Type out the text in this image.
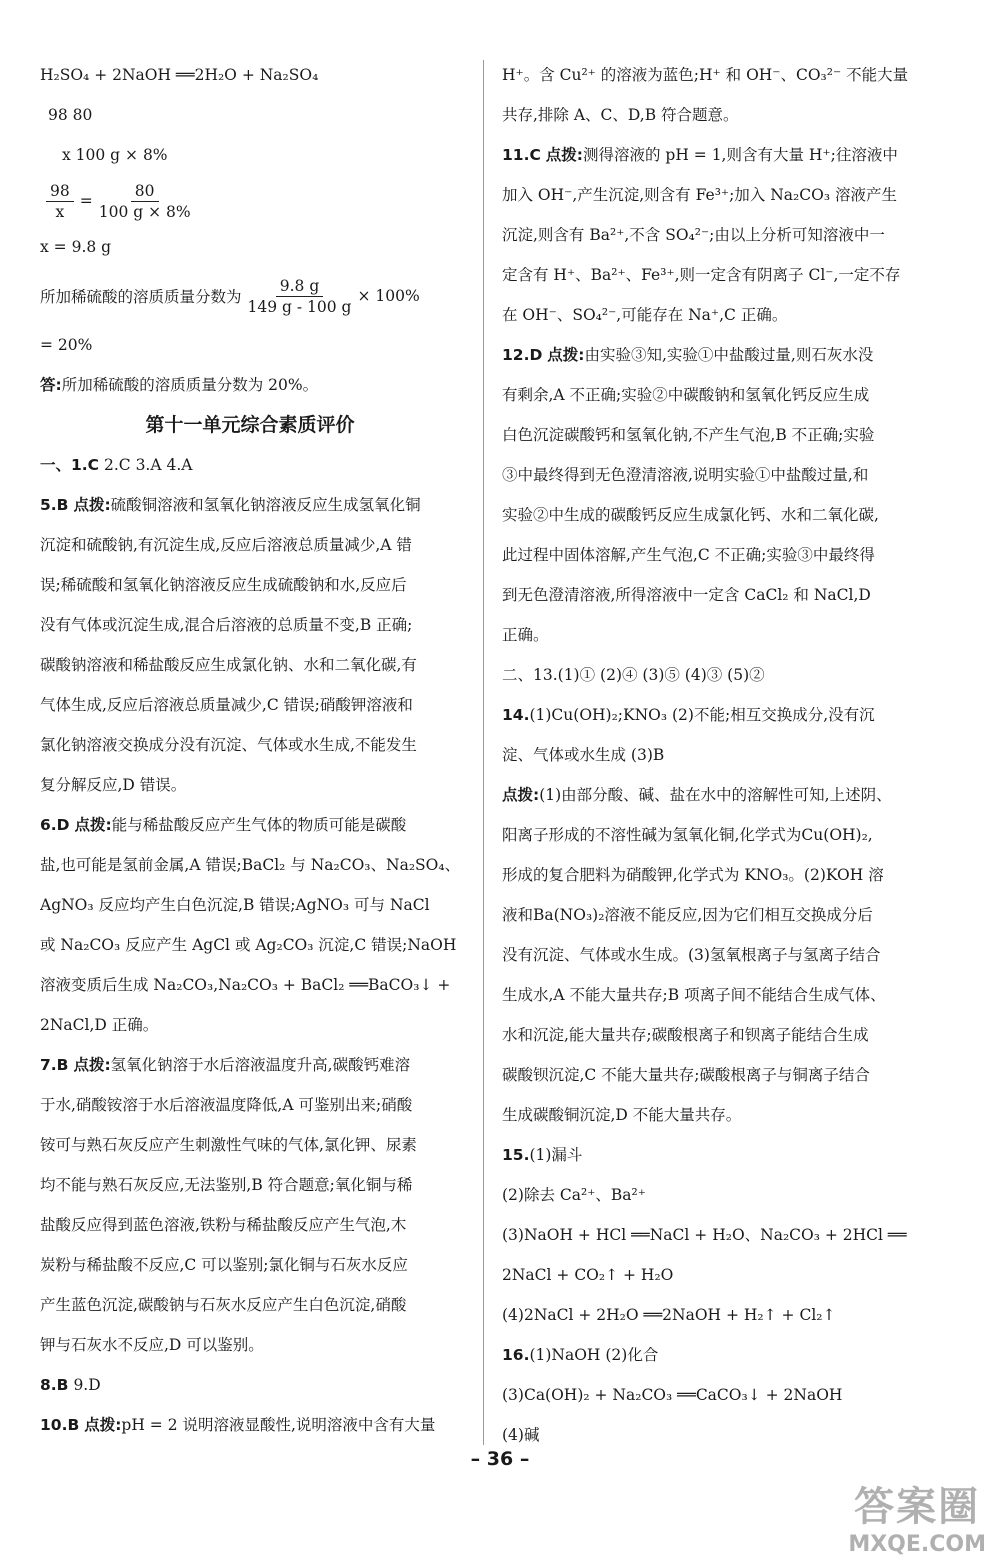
H₂SO₄ + 2NaOH ══2H₂O + Na₂SO₄
98 80
x 100 g × 8%
$\frac{98}{x} = \frac{80}{100 g \times 8\%}$
x = 9.8 g
所加稀硫酸的溶质质量分数为 $\frac{9.8 g}{149 g - 100 g} \times 100\%$
= 20%
答:所加稀硫酸的溶质质量分数为 20%。
第十一单元综合素质评价
一、1.C 2.C 3.A 4.A
5.B 点拨:硫酸铜溶液和氢氧化钠溶液反应生成氢氧化铜
沉淀和硫酸钠,有沉淀生成,反应后溶液总质量减少,A 错
误;稀硫酸和氢氧化钠溶液反应生成硫酸钠和水,反应后
没有气体或沉淀生成,混合后溶液的总质量不变,B 正确;
碳酸钠溶液和稀盐酸反应生成氯化钠、水和二氧化碳,有
气体生成,反应后溶液总质量减少,C 错误;硝酸钾溶液和
氯化钠溶液交换成分没有沉淀、气体或水生成,不能发生
复分解反应,D 错误。
6.D 点拨:能与稀盐酸反应产生气体的物质可能是碳酸
盐,也可能是氢前金属,A 错误;BaCl₂ 与 Na₂CO₃、Na₂SO₄、
AgNO₃ 反应均产生白色沉淀,B 错误;AgNO₃ 可与 NaCl
或 Na₂CO₃ 反应产生 AgCl 或 Ag₂CO₃ 沉淀,C 错误;NaOH
溶液变质后生成 Na₂CO₃,Na₂CO₃ + BaCl₂ ══BaCO₃↓ +
2NaCl,D 正确。
7.B 点拨:氢氧化钠溶于水后溶液温度升高,碳酸钙难溶
于水,硝酸铵溶于水后溶液温度降低,A 可鉴别出来;硝酸
铵可与熟石灰反应产生刺激性气味的气体,氯化钾、尿素
均不能与熟石灰反应,无法鉴别,B 符合题意;氧化铜与稀
盐酸反应得到蓝色溶液,铁粉与稀盐酸反应产生气泡,木
炭粉与稀盐酸不反应,C 可以鉴别;氯化铜与石灰水反应
产生蓝色沉淀,碳酸钠与石灰水反应产生白色沉淀,硝酸
钾与石灰水不反应,D 可以鉴别。
8.B 9.D
10.B 点拨:pH = 2 说明溶液显酸性,说明溶液中含有大量
H⁺。含 Cu²⁺ 的溶液为蓝色;H⁺ 和 OH⁻、CO₃²⁻ 不能大量
共存,排除 A、C、D,B 符合题意。
11.C 点拨:测得溶液的 pH = 1,则含有大量 H⁺;往溶液中
加入 OH⁻,产生沉淀,则含有 Fe³⁺;加入 Na₂CO₃ 溶液产生
沉淀,则含有 Ba²⁺,不含 SO₄²⁻;由以上分析可知溶液中一
定含有 H⁺、Ba²⁺、Fe³⁺,则一定含有阴离子 Cl⁻,一定不存
在 OH⁻、SO₄²⁻,可能存在 Na⁺,C 正确。
12.D 点拨:由实验③知,实验①中盐酸过量,则石灰水没
有剩余,A 不正确;实验②中碳酸钠和氢氧化钙反应生成
白色沉淀碳酸钙和氢氧化钠,不产生气泡,B 不正确;实验
③中最终得到无色澄清溶液,说明实验①中盐酸过量,和
实验②中生成的碳酸钙反应生成氯化钙、水和二氧化碳,
此过程中固体溶解,产生气泡,C 不正确;实验③中最终得
到无色澄清溶液,所得溶液中一定含 CaCl₂ 和 NaCl,D
正确。
二、13.(1)① (2)④ (3)⑤ (4)③ (5)②
14.(1)Cu(OH)₂;KNO₃ (2)不能;相互交换成分,没有沉
淀、气体或水生成 (3)B
点拨:(1)由部分酸、碱、盐在水中的溶解性可知,上述阴、
阳离子形成的不溶性碱为氢氧化铜,化学式为Cu(OH)₂,
形成的复合肥料为硝酸钾,化学式为 KNO₃。(2)KOH 溶
液和Ba(NO₃)₂溶液不能反应,因为它们相互交换成分后
没有沉淀、气体或水生成。(3)氢氧根离子与氢离子结合
生成水,A 不能大量共存;B 项离子间不能结合生成气体、
水和沉淀,能大量共存;碳酸根离子和钡离子能结合生成
碳酸钡沉淀,C 不能大量共存;碳酸根离子与铜离子结合
生成碳酸铜沉淀,D 不能大量共存。
15.(1)漏斗
(2)除去 Ca²⁺、Ba²⁺
(3)NaOH + HCl ══NaCl + H₂O、Na₂CO₃ + 2HCl ══
2NaCl + CO₂↑ + H₂O
(4)2NaCl + 2H₂O ══2NaOH + H₂↑ + Cl₂↑
16.(1)NaOH (2)化合
(3)Ca(OH)₂ + Na₂CO₃ ══CaCO₃↓ + 2NaOH
(4)碱
– 36 –
答案圈
MXQE.COM
